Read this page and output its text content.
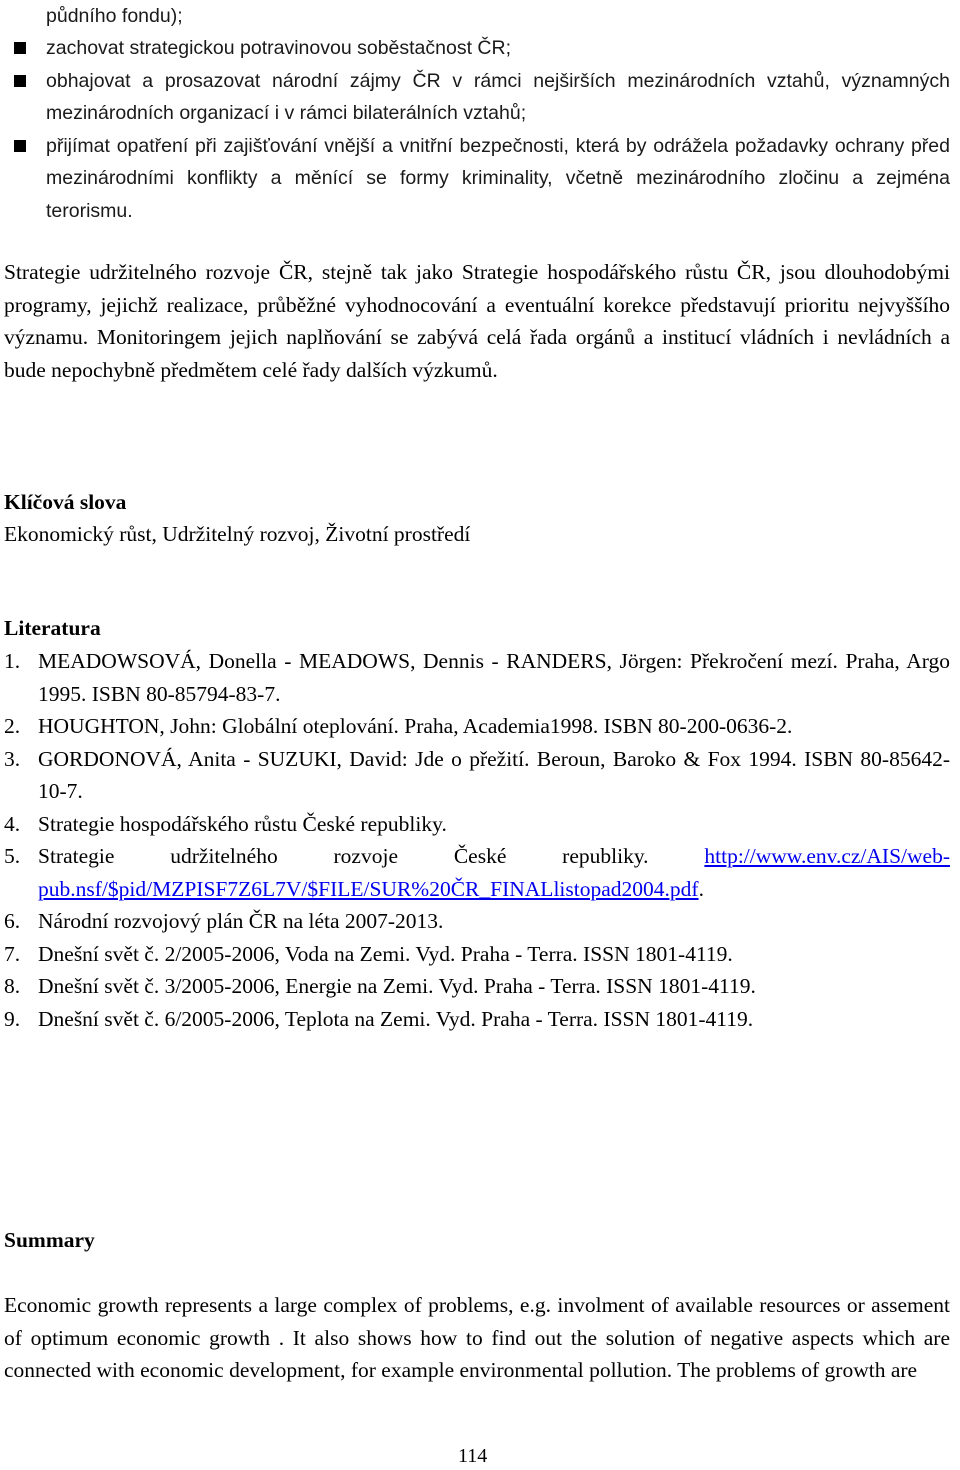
půdního fondu);

zachovat strategickou potravinovou soběstačnost ČR;

obhajovat a prosazovat národní zájmy ČR v rámci nejširších mezinárodních vztahů, významných mezinárodních organizací i v rámci bilaterálních vztahů;

přijímat opatření při zajišťování vnější a vnitřní bezpečnosti, která by odrážela požadavky ochrany před mezinárodními konflikty a měnící se formy kriminality, včetně mezinárodního zločinu a zejména terorismu.

Strategie udržitelného rozvoje ČR, stejně tak jako Strategie hospodářského růstu ČR, jsou dlouhodobými programy, jejichž realizace, průběžné vyhodnocování a eventuální korekce představují prioritu nejvyššího významu. Monitoringem jejich naplňování se zabývá celá řada orgánů a institucí vládních i nevládních a bude nepochybně předmětem celé řady dalších výzkumů.

Klíčová slova

Ekonomický růst, Udržitelný rozvoj, Životní prostředí

Literatura

1. MEADOWSOVÁ, Donella - MEADOWS, Dennis - RANDERS, Jörgen: Překročení mezí. Praha, Argo 1995. ISBN 80-85794-83-7.
2. HOUGHTON, John: Globální oteplování. Praha, Academia1998. ISBN 80-200-0636-2.
3. GORDONOVÁ, Anita - SUZUKI, David: Jde o přežití. Beroun, Baroko & Fox 1994. ISBN 80-85642-10-7.
4. Strategie hospodářského růstu České republiky.
5. Strategie udržitelného rozvoje České republiky. http://www.env.cz/AIS/web-pub.nsf/$pid/MZPISF7Z6L7V/$FILE/SUR%20ČR_FINALlistopad2004.pdf.
6. Národní rozvojový plán ČR na léta 2007-2013.
7. Dnešní svět č. 2/2005-2006, Voda na Zemi. Vyd. Praha - Terra. ISSN 1801-4119.
8. Dnešní svět č. 3/2005-2006, Energie na Zemi. Vyd. Praha - Terra. ISSN 1801-4119.
9. Dnešní svět č. 6/2005-2006, Teplota na Zemi. Vyd. Praha - Terra. ISSN 1801-4119.

Summary

Economic growth represents a large complex of problems, e.g. involment of available resources or assement of optimum economic growth . It also shows how to find out the solution of negative aspects which are connected with economic development, for example environmental pollution. The problems of growth are

114
